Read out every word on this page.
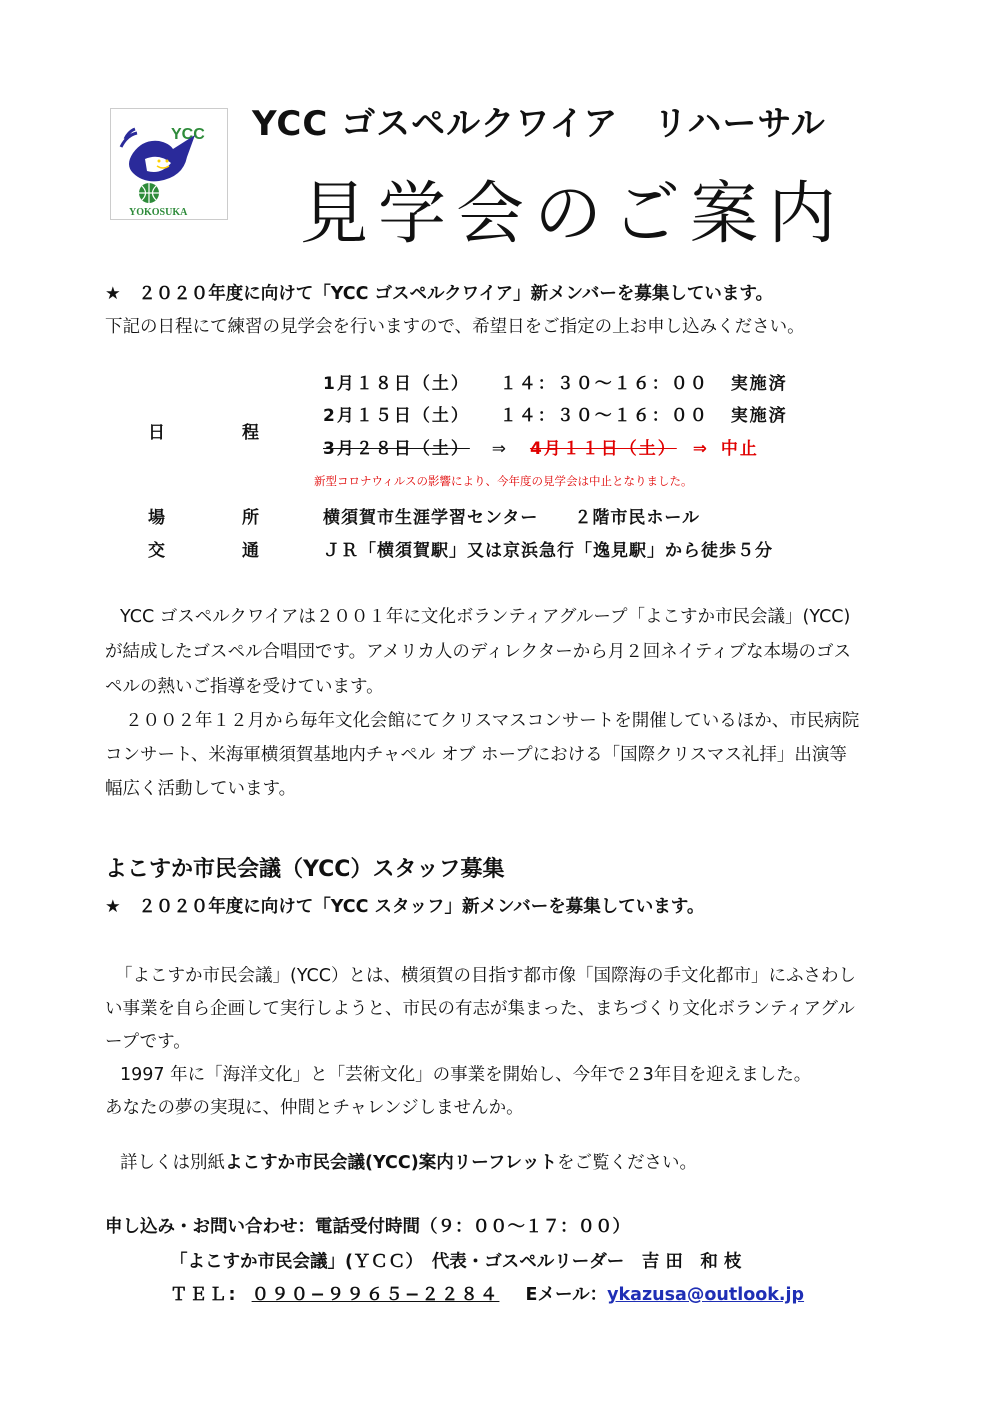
YCC
YOKOSUKA
YCC ゴスペルクワイア　リハーサル
見学会のご案内
★　２０２０年度に向けて「YCC ゴスペルクワイア」新メンバーを募集しています。
下記の日程にて練習の見学会を行いますので、希望日をご指定の上お申し込みください。
日　程
1月１８日（土） １４：３０〜１６：００ 実施済
2月１５日（土） １４：３０〜１６：００ 実施済
3月２８日（土） ⇒ 4月１１日（土） ⇒ 中止
新型コロナウィルスの影響により、今年度の見学会は中止となりました。
場　所 横須賀市生涯学習センター　　２階市民ホール
交　通 ＪＲ「横須賀駅」又は京浜急行「逸見駅」から徒歩５分
YCC ゴスペルクワイアは２００１年に文化ボランティアグループ「よこすか市民会議」(YCC)
が結成したゴスペル合唱団です。アメリカ人のディレクターから月２回ネイティブな本場のゴス
ペルの熱いご指導を受けています。
２００２年１２月から毎年文化会館にてクリスマスコンサートを開催しているほか、市民病院
コンサート、米海軍横須賀基地内チャペル オブ ホープにおける「国際クリスマス礼拝」出演等
幅広く活動しています。
よこすか市民会議（YCC）スタッフ募集
★　２０２０年度に向けて「YCC スタッフ」新メンバーを募集しています。
「よこすか市民会議」(YCC）とは、横須賀の目指す都市像「国際海の手文化都市」にふさわし
い事業を自ら企画して実行しようと、市民の有志が集まった、まちづくり文化ボランティアグル
ープです。
1997 年に「海洋文化」と「芸術文化」の事業を開始し、今年で２3年目を迎えました。
あなたの夢の実現に、仲間とチャレンジしませんか。
詳しくは別紙よこすか市民会議(YCC)案内リーフレットをご覧ください。
申し込み・お問い合わせ：電話受付時間（９：００〜１７：００）
「よこすか市民会議」(ＹＣＣ）　代表・ゴスペルリーダー　吉 田　和 枝
ＴＥＬ: ０９０−９９６５−２２８４ Eメール：ykazusa@outlook.jp
